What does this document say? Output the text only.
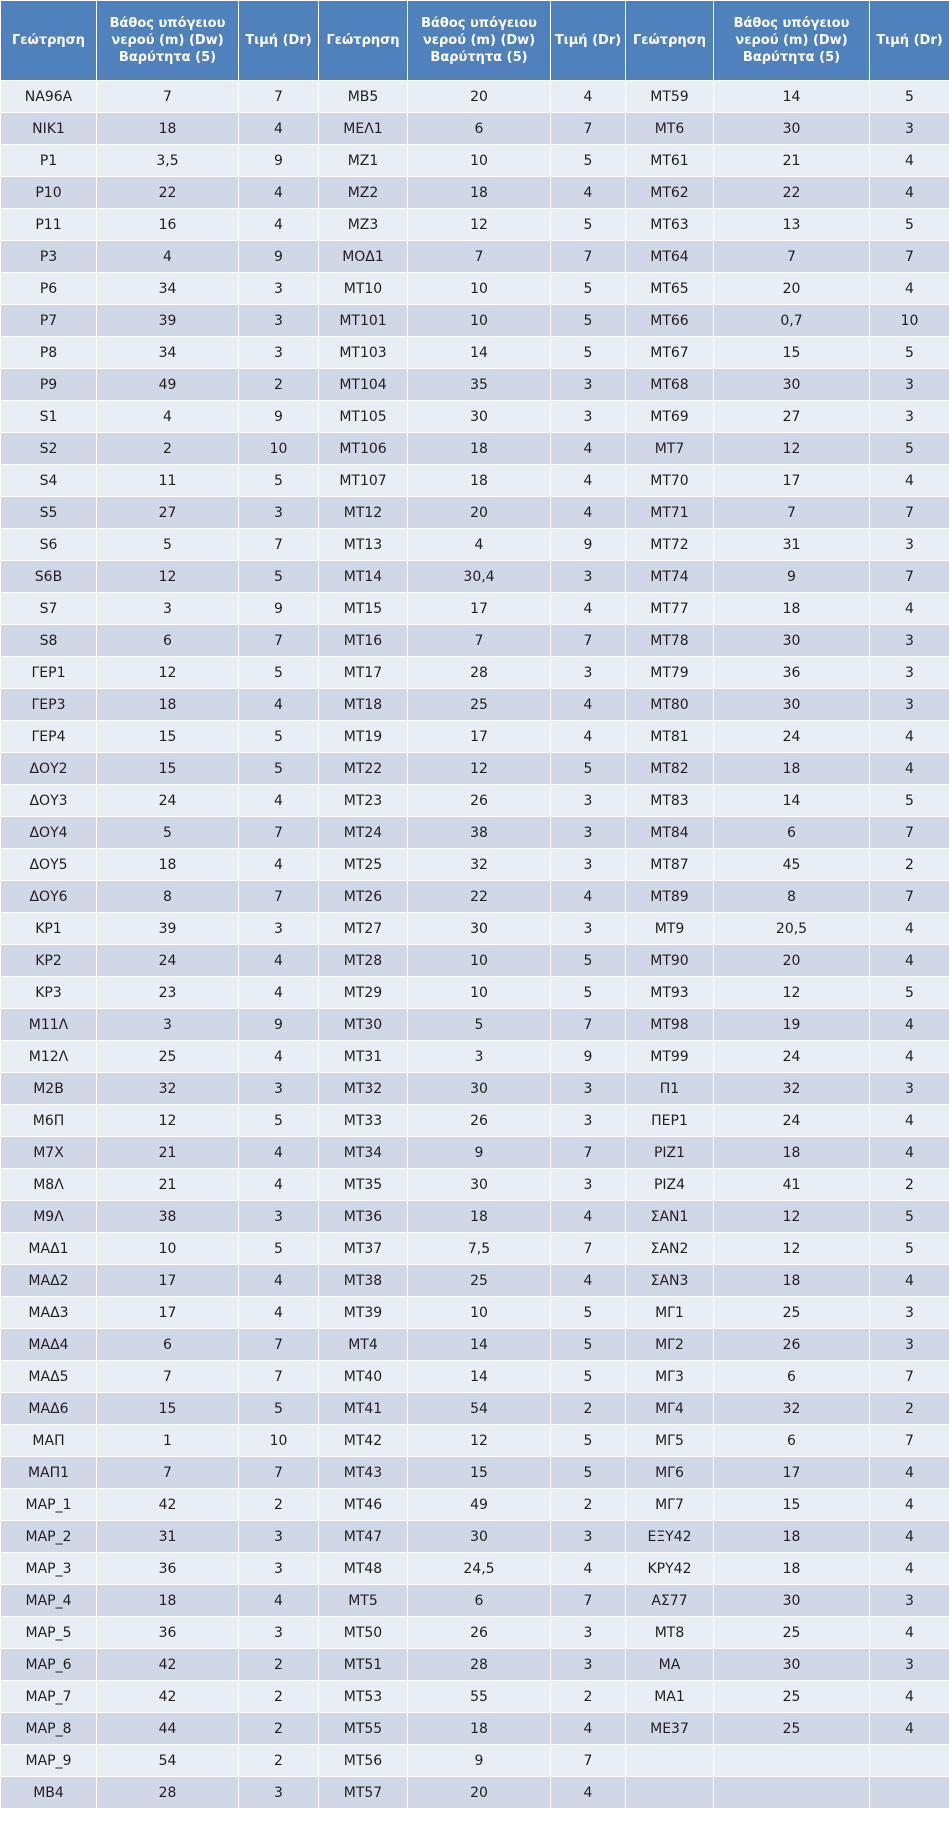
Γεώτρηση	Βάθος υπόγειου νερού (m) (Dw) Βαρύτητα (5)	Τιμή (Dr)	Γεώτρηση	Βάθος υπόγειου νερού (m) (Dw) Βαρύτητα (5)	Τιμή (Dr)	Γεώτρηση	Βάθος υπόγειου νερού (m) (Dw) Βαρύτητα (5)	Τιμή (Dr)
ΝΑ96Α	7	7	ΜΒ5	20	4	ΜΤ59	14	5
ΝΙΚ1	18	4	ΜΕΛ1	6	7	ΜΤ6	30	3
Ρ1	3,5	9	ΜΖ1	10	5	ΜΤ61	21	4
Ρ10	22	4	ΜΖ2	18	4	ΜΤ62	22	4
Ρ11	16	4	ΜΖ3	12	5	ΜΤ63	13	5
Ρ3	4	9	ΜΟΔ1	7	7	ΜΤ64	7	7
Ρ6	34	3	ΜΤ10	10	5	ΜΤ65	20	4
Ρ7	39	3	ΜΤ101	10	5	ΜΤ66	0,7	10
Ρ8	34	3	ΜΤ103	14	5	ΜΤ67	15	5
Ρ9	49	2	ΜΤ104	35	3	ΜΤ68	30	3
S1	4	9	ΜΤ105	30	3	ΜΤ69	27	3
S2	2	10	ΜΤ106	18	4	ΜΤ7	12	5
S4	11	5	ΜΤ107	18	4	ΜΤ70	17	4
S5	27	3	ΜΤ12	20	4	ΜΤ71	7	7
S6	5	7	ΜΤ13	4	9	ΜΤ72	31	3
S6B	12	5	ΜΤ14	30,4	3	ΜΤ74	9	7
S7	3	9	ΜΤ15	17	4	ΜΤ77	18	4
S8	6	7	ΜΤ16	7	7	ΜΤ78	30	3
ΓΕΡ1	12	5	ΜΤ17	28	3	ΜΤ79	36	3
ΓΕΡ3	18	4	ΜΤ18	25	4	ΜΤ80	30	3
ΓΕΡ4	15	5	ΜΤ19	17	4	ΜΤ81	24	4
ΔΟΥ2	15	5	ΜΤ22	12	5	ΜΤ82	18	4
ΔΟΥ3	24	4	ΜΤ23	26	3	ΜΤ83	14	5
ΔΟΥ4	5	7	ΜΤ24	38	3	ΜΤ84	6	7
ΔΟΥ5	18	4	ΜΤ25	32	3	ΜΤ87	45	2
ΔΟΥ6	8	7	ΜΤ26	22	4	ΜΤ89	8	7
ΚΡ1	39	3	ΜΤ27	30	3	ΜΤ9	20,5	4
ΚΡ2	24	4	ΜΤ28	10	5	ΜΤ90	20	4
ΚΡ3	23	4	ΜΤ29	10	5	ΜΤ93	12	5
Μ11Λ	3	9	ΜΤ30	5	7	ΜΤ98	19	4
Μ12Λ	25	4	ΜΤ31	3	9	ΜΤ99	24	4
Μ2Β	32	3	ΜΤ32	30	3	Π1	32	3
Μ6Π	12	5	ΜΤ33	26	3	ΠΕΡ1	24	4
Μ7Χ	21	4	ΜΤ34	9	7	ΡΙΖ1	18	4
Μ8Λ	21	4	ΜΤ35	30	3	ΡΙΖ4	41	2
Μ9Λ	38	3	ΜΤ36	18	4	ΣΑΝ1	12	5
ΜΑΔ1	10	5	ΜΤ37	7,5	7	ΣΑΝ2	12	5
ΜΑΔ2	17	4	ΜΤ38	25	4	ΣΑΝ3	18	4
ΜΑΔ3	17	4	ΜΤ39	10	5	ΜΓ1	25	3
ΜΑΔ4	6	7	ΜΤ4	14	5	ΜΓ2	26	3
ΜΑΔ5	7	7	ΜΤ40	14	5	ΜΓ3	6	7
ΜΑΔ6	15	5	ΜΤ41	54	2	ΜΓ4	32	2
ΜΑΠ	1	10	ΜΤ42	12	5	ΜΓ5	6	7
ΜΑΠ1	7	7	ΜΤ43	15	5	ΜΓ6	17	4
ΜΑΡ_1	42	2	ΜΤ46	49	2	ΜΓ7	15	4
ΜΑΡ_2	31	3	ΜΤ47	30	3	ΕΞΥ42	18	4
ΜΑΡ_3	36	3	ΜΤ48	24,5	4	ΚΡΥ42	18	4
ΜΑΡ_4	18	4	ΜΤ5	6	7	ΑΣ77	30	3
ΜΑΡ_5	36	3	ΜΤ50	26	3	ΜΤ8	25	4
ΜΑΡ_6	42	2	ΜΤ51	28	3	ΜΑ	30	3
ΜΑΡ_7	42	2	ΜΤ53	55	2	ΜΑ1	25	4
ΜΑΡ_8	44	2	ΜΤ55	18	4	ΜΕ37	25	4
ΜΑΡ_9	54	2	ΜΤ56	9	7			
ΜΒ4	28	3	ΜΤ57	20	4			
